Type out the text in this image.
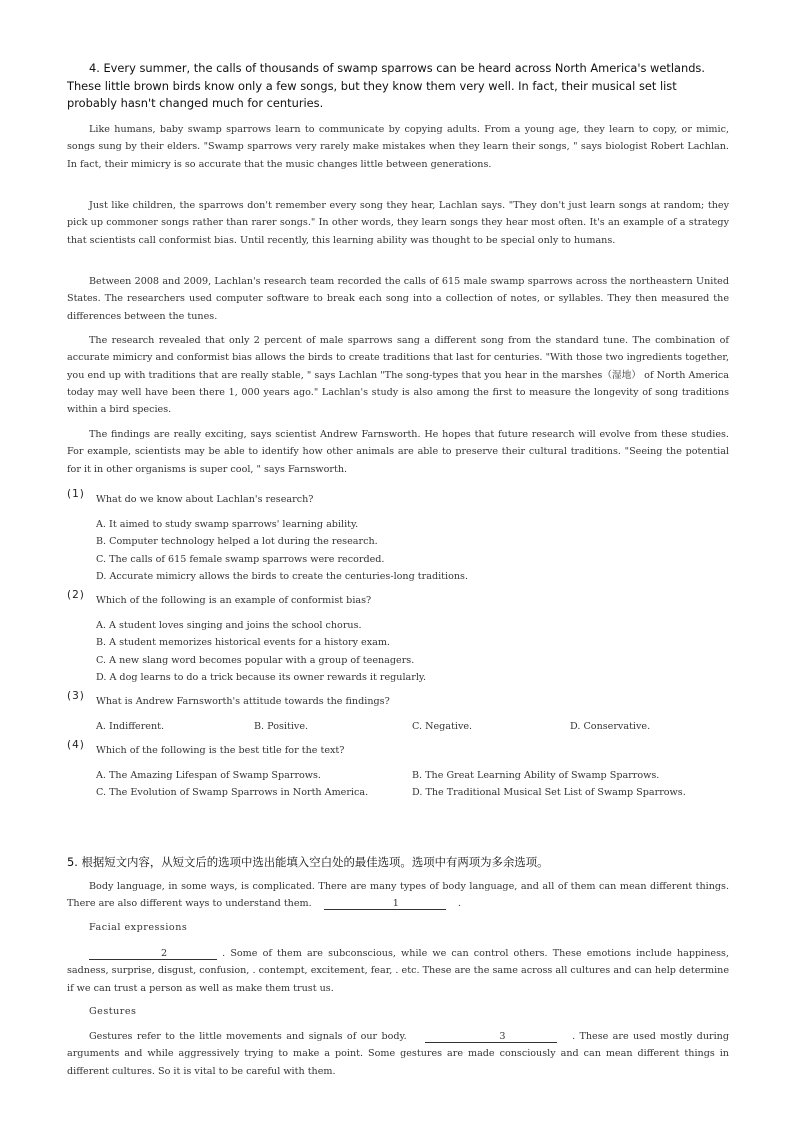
4. Every summer, the calls of thousands of swamp sparrows can be heard across North America's wetlands. These little brown birds know only a few songs, but they know them very well. In fact, their musical set list probably hasn't changed much for centuries.
Like humans, baby swamp sparrows learn to communicate by copying adults. From a young age, they learn to copy, or mimic, songs sung by their elders. "Swamp sparrows very rarely make mistakes when they learn their songs, " says biologist Robert Lachlan. In fact, their mimicry is so accurate that the music changes little between generations.
Just like children, the sparrows don't remember every song they hear, Lachlan says. "They don't just learn songs at random; they pick up commoner songs rather than rarer songs." In other words, they learn songs they hear most often. It's an example of a strategy that scientists call conformist bias. Until recently, this learning ability was thought to be special only to humans.
Between 2008 and 2009, Lachlan's research team recorded the calls of 615 male swamp sparrows across the northeastern United States. The researchers used computer software to break each song into a collection of notes, or syllables. They then measured the differences between the tunes.
The research revealed that only 2 percent of male sparrows sang a different song from the standard tune. The combination of accurate mimicry and conformist bias allows the birds to create traditions that last for centuries. "With those two ingredients together, you end up with traditions that are really stable, " says Lachlan "The song-types that you hear in the marshes（湿地） of North America today may well have been there 1, 000 years ago." Lachlan's study is also among the first to measure the longevity of song traditions within a bird species.
The findings are really exciting, says scientist Andrew Farnsworth. He hopes that future research will evolve from these studies. For example, scientists may be able to identify how other animals are able to preserve their cultural traditions. "Seeing the potential for it in other organisms is super cool, " says Farnsworth.
(1) What do we know about Lachlan's research?
A. It aimed to study swamp sparrows' learning ability.
B. Computer technology helped a lot during the research.
C. The calls of 615 female swamp sparrows were recorded.
D. Accurate mimicry allows the birds to create the centuries-long traditions.
(2) Which of the following is an example of conformist bias?
A. A student loves singing and joins the school chorus.
B. A student memorizes historical events for a history exam.
C. A new slang word becomes popular with a group of teenagers.
D. A dog learns to do a trick because its owner rewards it regularly.
(3) What is Andrew Farnsworth's attitude towards the findings?
A. Indifferent.	B. Positive.	C. Negative.	D. Conservative.
(4) Which of the following is the best title for the text?
A. The Amazing Lifespan of Swamp Sparrows.	B. The Great Learning Ability of Swamp Sparrows.
C. The Evolution of Swamp Sparrows in North America.	D. The Traditional Musical Set List of Swamp Sparrows.
5. 根据短文内容，从短文后的选项中选出能填入空白处的最佳选项。选项中有两项为多余选项。
Body language, in some ways, is complicated. There are many types of body language, and all of them can mean different things. There are also different ways to understand them.	1	.
Facial expressions
2	. Some of them are subconscious, while we can control others. These emotions include happiness, sadness, surprise, disgust, confusion, . contempt, excitement, fear, . etc. These are the same across all cultures and can help determine if we can trust a person as well as make them trust us.
Gestures
Gestures refer to the little movements and signals of our body.	3	. These are used mostly during arguments and while aggressively trying to make a point. Some gestures are made consciously and can mean different things in different cultures. So it is vital to be careful with them.
